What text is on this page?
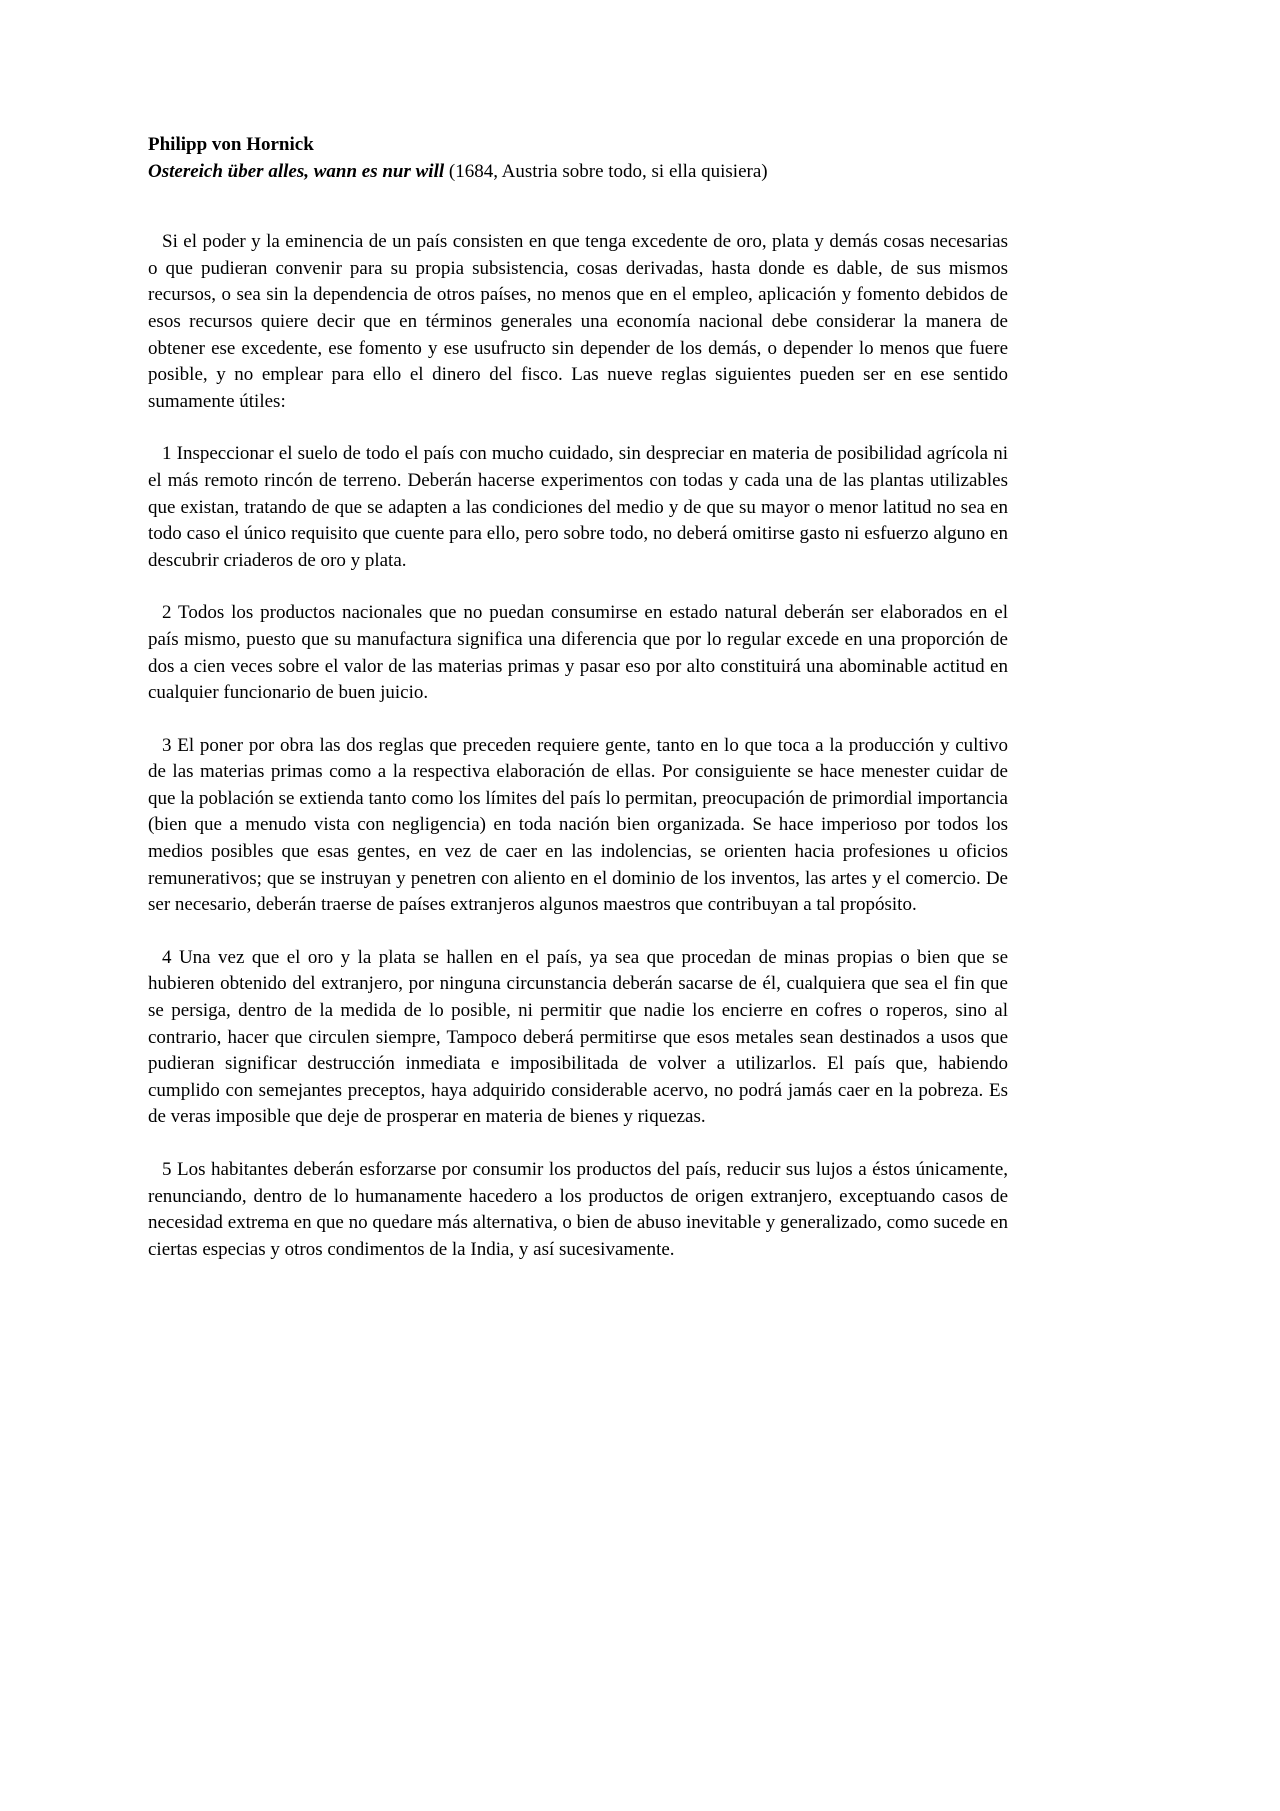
Philipp von Hornick
Ostereich über alles, wann es nur will (1684, Austria sobre todo, si ella quisiera)

Si el poder y la eminencia de un país consisten en que tenga excedente de oro, plata y demás cosas necesarias o que pudieran convenir para su propia subsistencia, cosas derivadas, hasta donde es dable, de sus mismos recursos, o sea sin la dependencia de otros países, no menos que en el empleo, aplicación y fomento debidos de esos recursos quiere decir que en términos generales una economía nacional debe considerar la manera de obtener ese excedente, ese fomento y ese usufructo sin depender de los demás, o depender lo menos que fuere posible, y no emplear para ello el dinero del fisco. Las nueve reglas siguientes pueden ser en ese sentido sumamente útiles:

1 Inspeccionar el suelo de todo el país con mucho cuidado, sin despreciar en materia de posibilidad agrícola ni el más remoto rincón de terreno. Deberán hacerse experimentos con todas y cada una de las plantas utilizables que existan, tratando de que se adapten a las condiciones del medio y de que su mayor o menor latitud no sea en todo caso el único requisito que cuente para ello, pero sobre todo, no deberá omitirse gasto ni esfuerzo alguno en descubrir criaderos de oro y plata.

2 Todos los productos nacionales que no puedan consumirse en estado natural deberán ser elaborados en el país mismo, puesto que su manufactura significa una diferencia que por lo regular excede en una proporción de dos a cien veces sobre el valor de las materias primas y pasar eso por alto constituirá una abominable actitud en cualquier funcionario de buen juicio.

3 El poner por obra las dos reglas que preceden requiere gente, tanto en lo que toca a la producción y cultivo de las materias primas como a la respectiva elaboración de ellas. Por consiguiente se hace menester cuidar de que la población se extienda tanto como los límites del país lo permitan, preocupación de primordial importancia (bien que a menudo vista con negligencia) en toda nación bien organizada. Se hace imperioso por todos los medios posibles que esas gentes, en vez de caer en las indolencias, se orienten hacia profesiones u oficios remunerativos; que se instruyan y penetren con aliento en el dominio de los inventos, las artes y el comercio. De ser necesario, deberán traerse de países extranjeros algunos maestros que contribuyan a tal propósito.

4 Una vez que el oro y la plata se hallen en el país, ya sea que procedan de minas propias o bien que se hubieren obtenido del extranjero, por ninguna circunstancia deberán sacarse de él, cualquiera que sea el fin que se persiga, dentro de la medida de lo posible, ni permitir que nadie los encierre en cofres o roperos, sino al contrario, hacer que circulen siempre, Tampoco deberá permitirse que esos metales sean destinados a usos que pudieran significar destrucción inmediata e imposibilitada de volver a utilizarlos. El país que, habiendo cumplido con semejantes preceptos, haya adquirido considerable acervo, no podrá jamás caer en la pobreza. Es de veras imposible que deje de prosperar en materia de bienes y riquezas.

5 Los habitantes deberán esforzarse por consumir los productos del país, reducir sus lujos a éstos únicamente, renunciando, dentro de lo humanamente hacedero a los productos de origen extranjero, exceptuando casos de necesidad extrema en que no quedare más alternativa, o bien de abuso inevitable y generalizado, como sucede en ciertas especias y otros condimentos de la India, y así sucesivamente.
